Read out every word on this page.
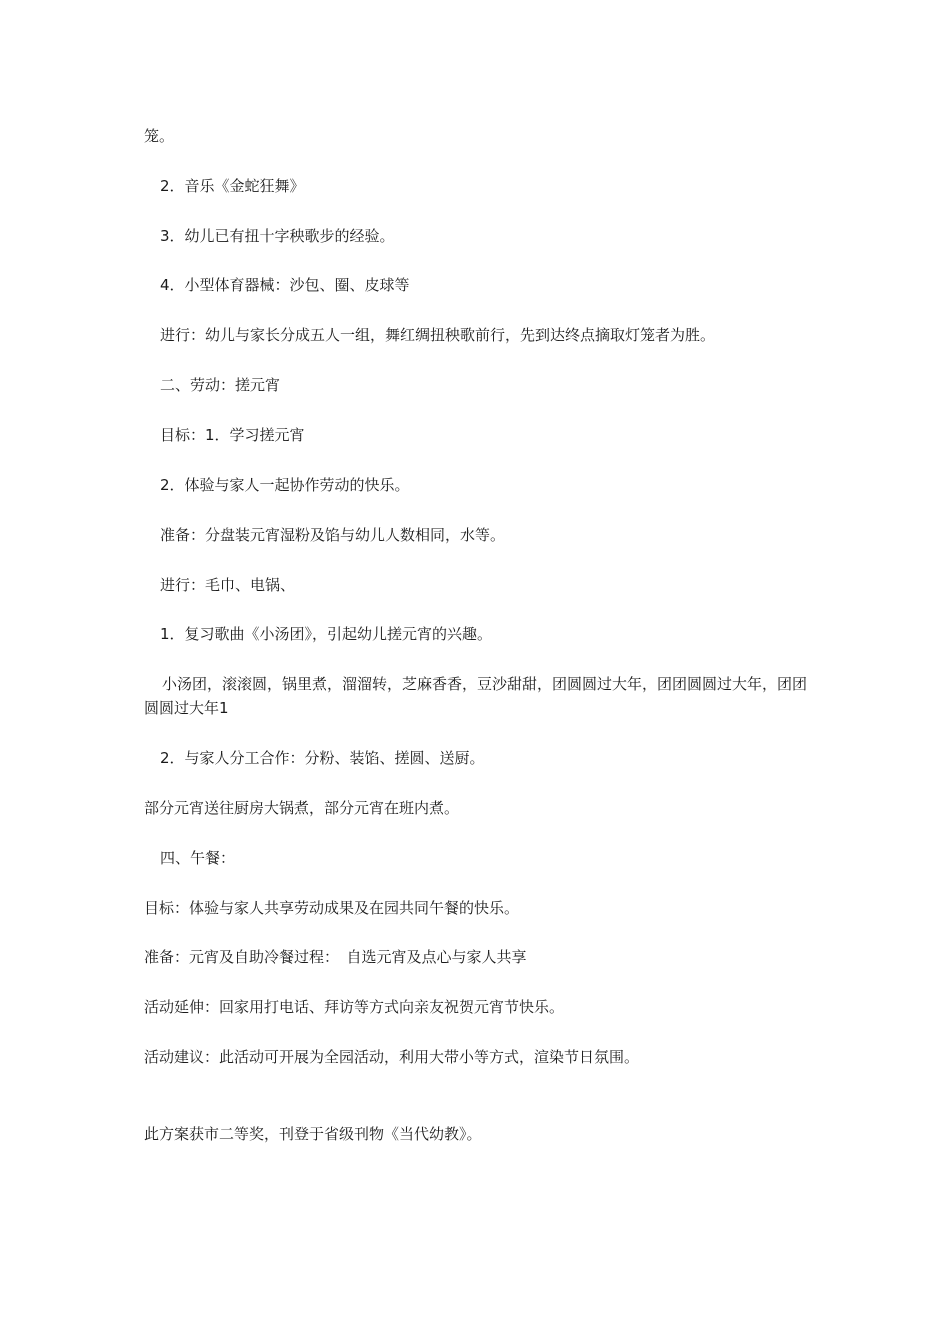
笼。
2．音乐《金蛇狂舞》
3．幼儿已有扭十字秧歌步的经验。
4．小型体育器械：沙包、圈、皮球等
进行：幼儿与家长分成五人一组，舞红绸扭秧歌前行，先到达终点摘取灯笼者为胜。
二、劳动：搓元宵
目标：1．学习搓元宵
2．体验与家人一起协作劳动的快乐。
准备：分盘装元宵湿粉及馅与幼儿人数相同，水等。
进行：毛巾、电锅、
1．复习歌曲《小汤团》，引起幼儿搓元宵的兴趣。
小汤团，滚滚圆，锅里煮，溜溜转，芝麻香香，豆沙甜甜，团圆圆过大年，团团圆圆过大年，团团圆圆过大年1
2．与家人分工合作：分粉、装馅、搓圆、送厨。
部分元宵送往厨房大锅煮，部分元宵在班内煮。
四、午餐：
目标：体验与家人共享劳动成果及在园共同午餐的快乐。
准备：元宵及自助冷餐过程：　自选元宵及点心与家人共享
活动延伸：回家用打电话、拜访等方式向亲友祝贺元宵节快乐。
活动建议：此活动可开展为全园活动，利用大带小等方式，渲染节日氛围。
此方案获市二等奖，刊登于省级刊物《当代幼教》。
